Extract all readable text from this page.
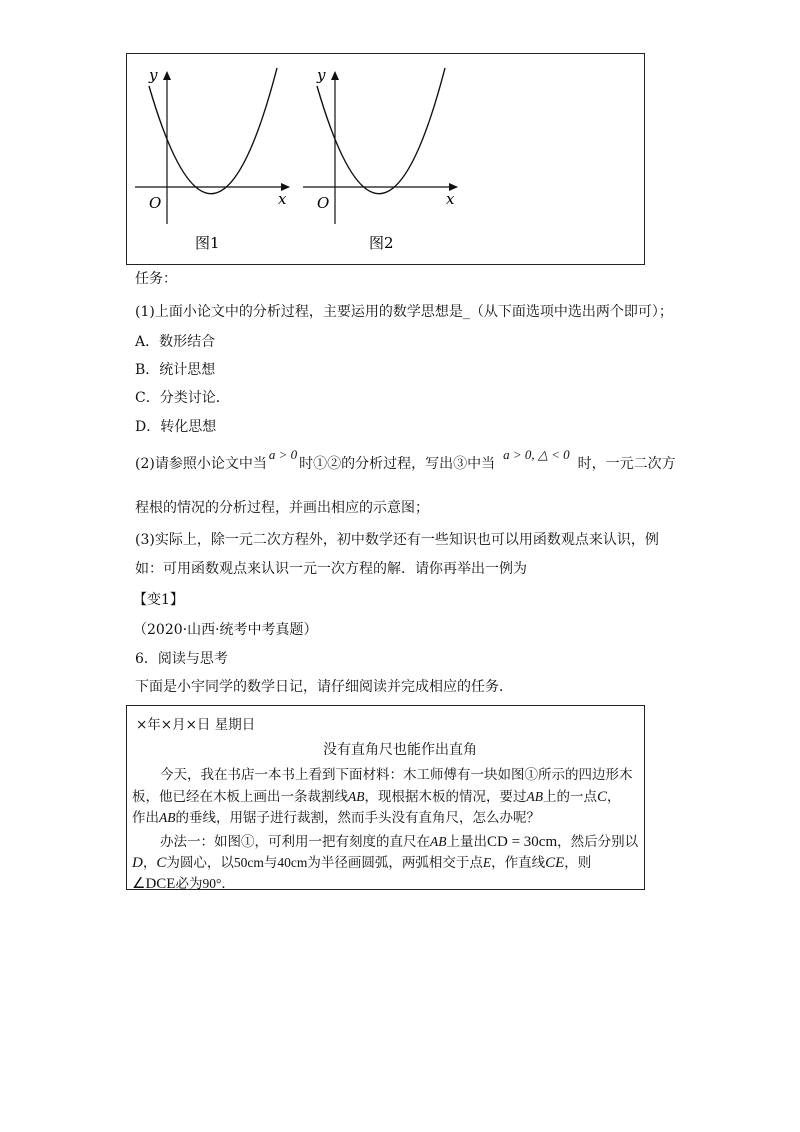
y
x
O
图1
y
x
O
图2
任务：
(1)上面小论文中的分析过程，主要运用的数学思想是_（从下面选项中选出两个即可）；
A．数形结合
B．统计思想
C．分类讨论．
D．转化思想
(2)请参照小论文中当a > 0时①②的分析过程，写出③中当a > 0, △ < 0时，一元二次方
程根的情况的分析过程，并画出相应的示意图；
(3)实际上，除一元二次方程外，初中数学还有一些知识也可以用函数观点来认识，例
如：可用函数观点来认识一元一次方程的解．请你再举出一例为
【变1】
（2020·山西·统考中考真题）
6．阅读与思考
下面是小宇同学的数学日记，请仔细阅读并完成相应的任务．
×年×月×日 星期日
没有直角尺也能作出直角
今天，我在书店一本书上看到下面材料：木工师傅有一块如图①所示的四边形木
板，他已经在木板上画出一条裁割线AB，现根据木板的情况，要过AB上的一点C，
作出AB的垂线，用锯子进行裁割，然而手头没有直角尺，怎么办呢？
办法一：如图①，可利用一把有刻度的直尺在AB上量出CD = 30cm，然后分别以
D，C为圆心，以50cm与40cm为半径画圆弧，两弧相交于点E，作直线CE，则
∠DCE必为90°．
